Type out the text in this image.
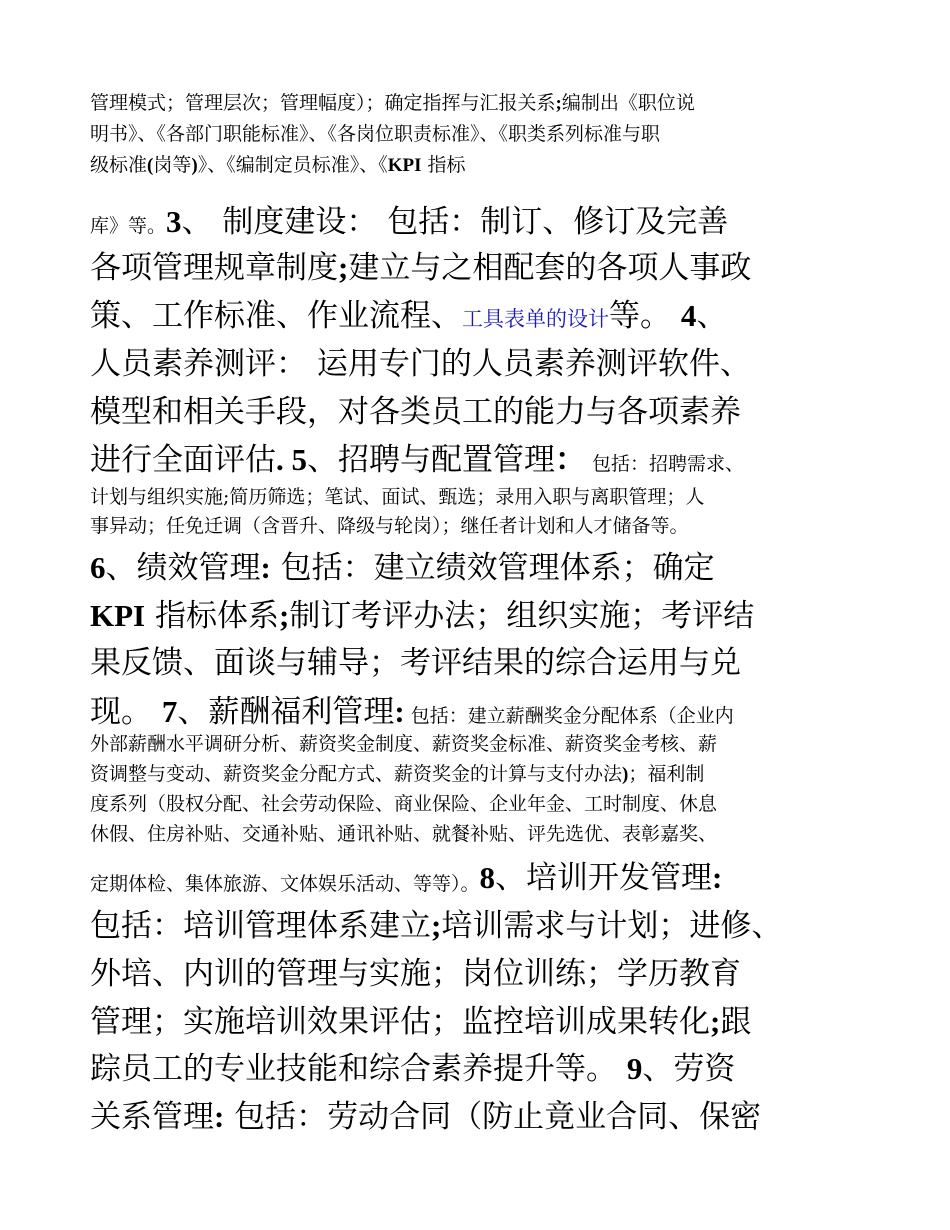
管理模式；管理层次；管理幅度）；确定指挥与汇报关系;编制出《职位说
明书》、《各部门职能标准》、《各岗位职责标准》、《职类系列标准与职
级标准(岗等)》、《编制定员标准》、《KPI 指标
库》等。3、 制度建设： 包括：制订、修订及完善
各项管理规章制度;建立与之相配套的各项人事政
策、工作标准、作业流程、工具表单的设计等。 4、
人员素养测评： 运用专门的人员素养测评软件、
模型和相关手段，对各类员工的能力与各项素养
进行全面评估. 5、招聘与配置管理： 包括：招聘需求、
计划与组织实施;简历筛选；笔试、面试、甄选；录用入职与离职管理；人
事异动；任免迁调（含晋升、降级与轮岗）；继任者计划和人才储备等。
6、绩效管理: 包括：建立绩效管理体系；确定
KPI 指标体系;制订考评办法；组织实施；考评结
果反馈、面谈与辅导；考评结果的综合运用与兑
现。 7、薪酬福利管理: 包括：建立薪酬奖金分配体系（企业内
外部薪酬水平调研分析、薪资奖金制度、薪资奖金标准、薪资奖金考核、薪
资调整与变动、薪资奖金分配方式、薪资奖金的计算与支付办法)；福利制
度系列（股权分配、社会劳动保险、商业保险、企业年金、工时制度、休息
休假、住房补贴、交通补贴、通讯补贴、就餐补贴、评先选优、表彰嘉奖、
定期体检、集体旅游、文体娱乐活动、等等）。8、培训开发管理:
包括：培训管理体系建立;培训需求与计划；进修、
外培、内训的管理与实施；岗位训练；学历教育
管理；实施培训效果评估；监控培训成果转化;跟
踪员工的专业技能和综合素养提升等。 9、劳资
关系管理: 包括：劳动合同（防止竟业合同、保密
